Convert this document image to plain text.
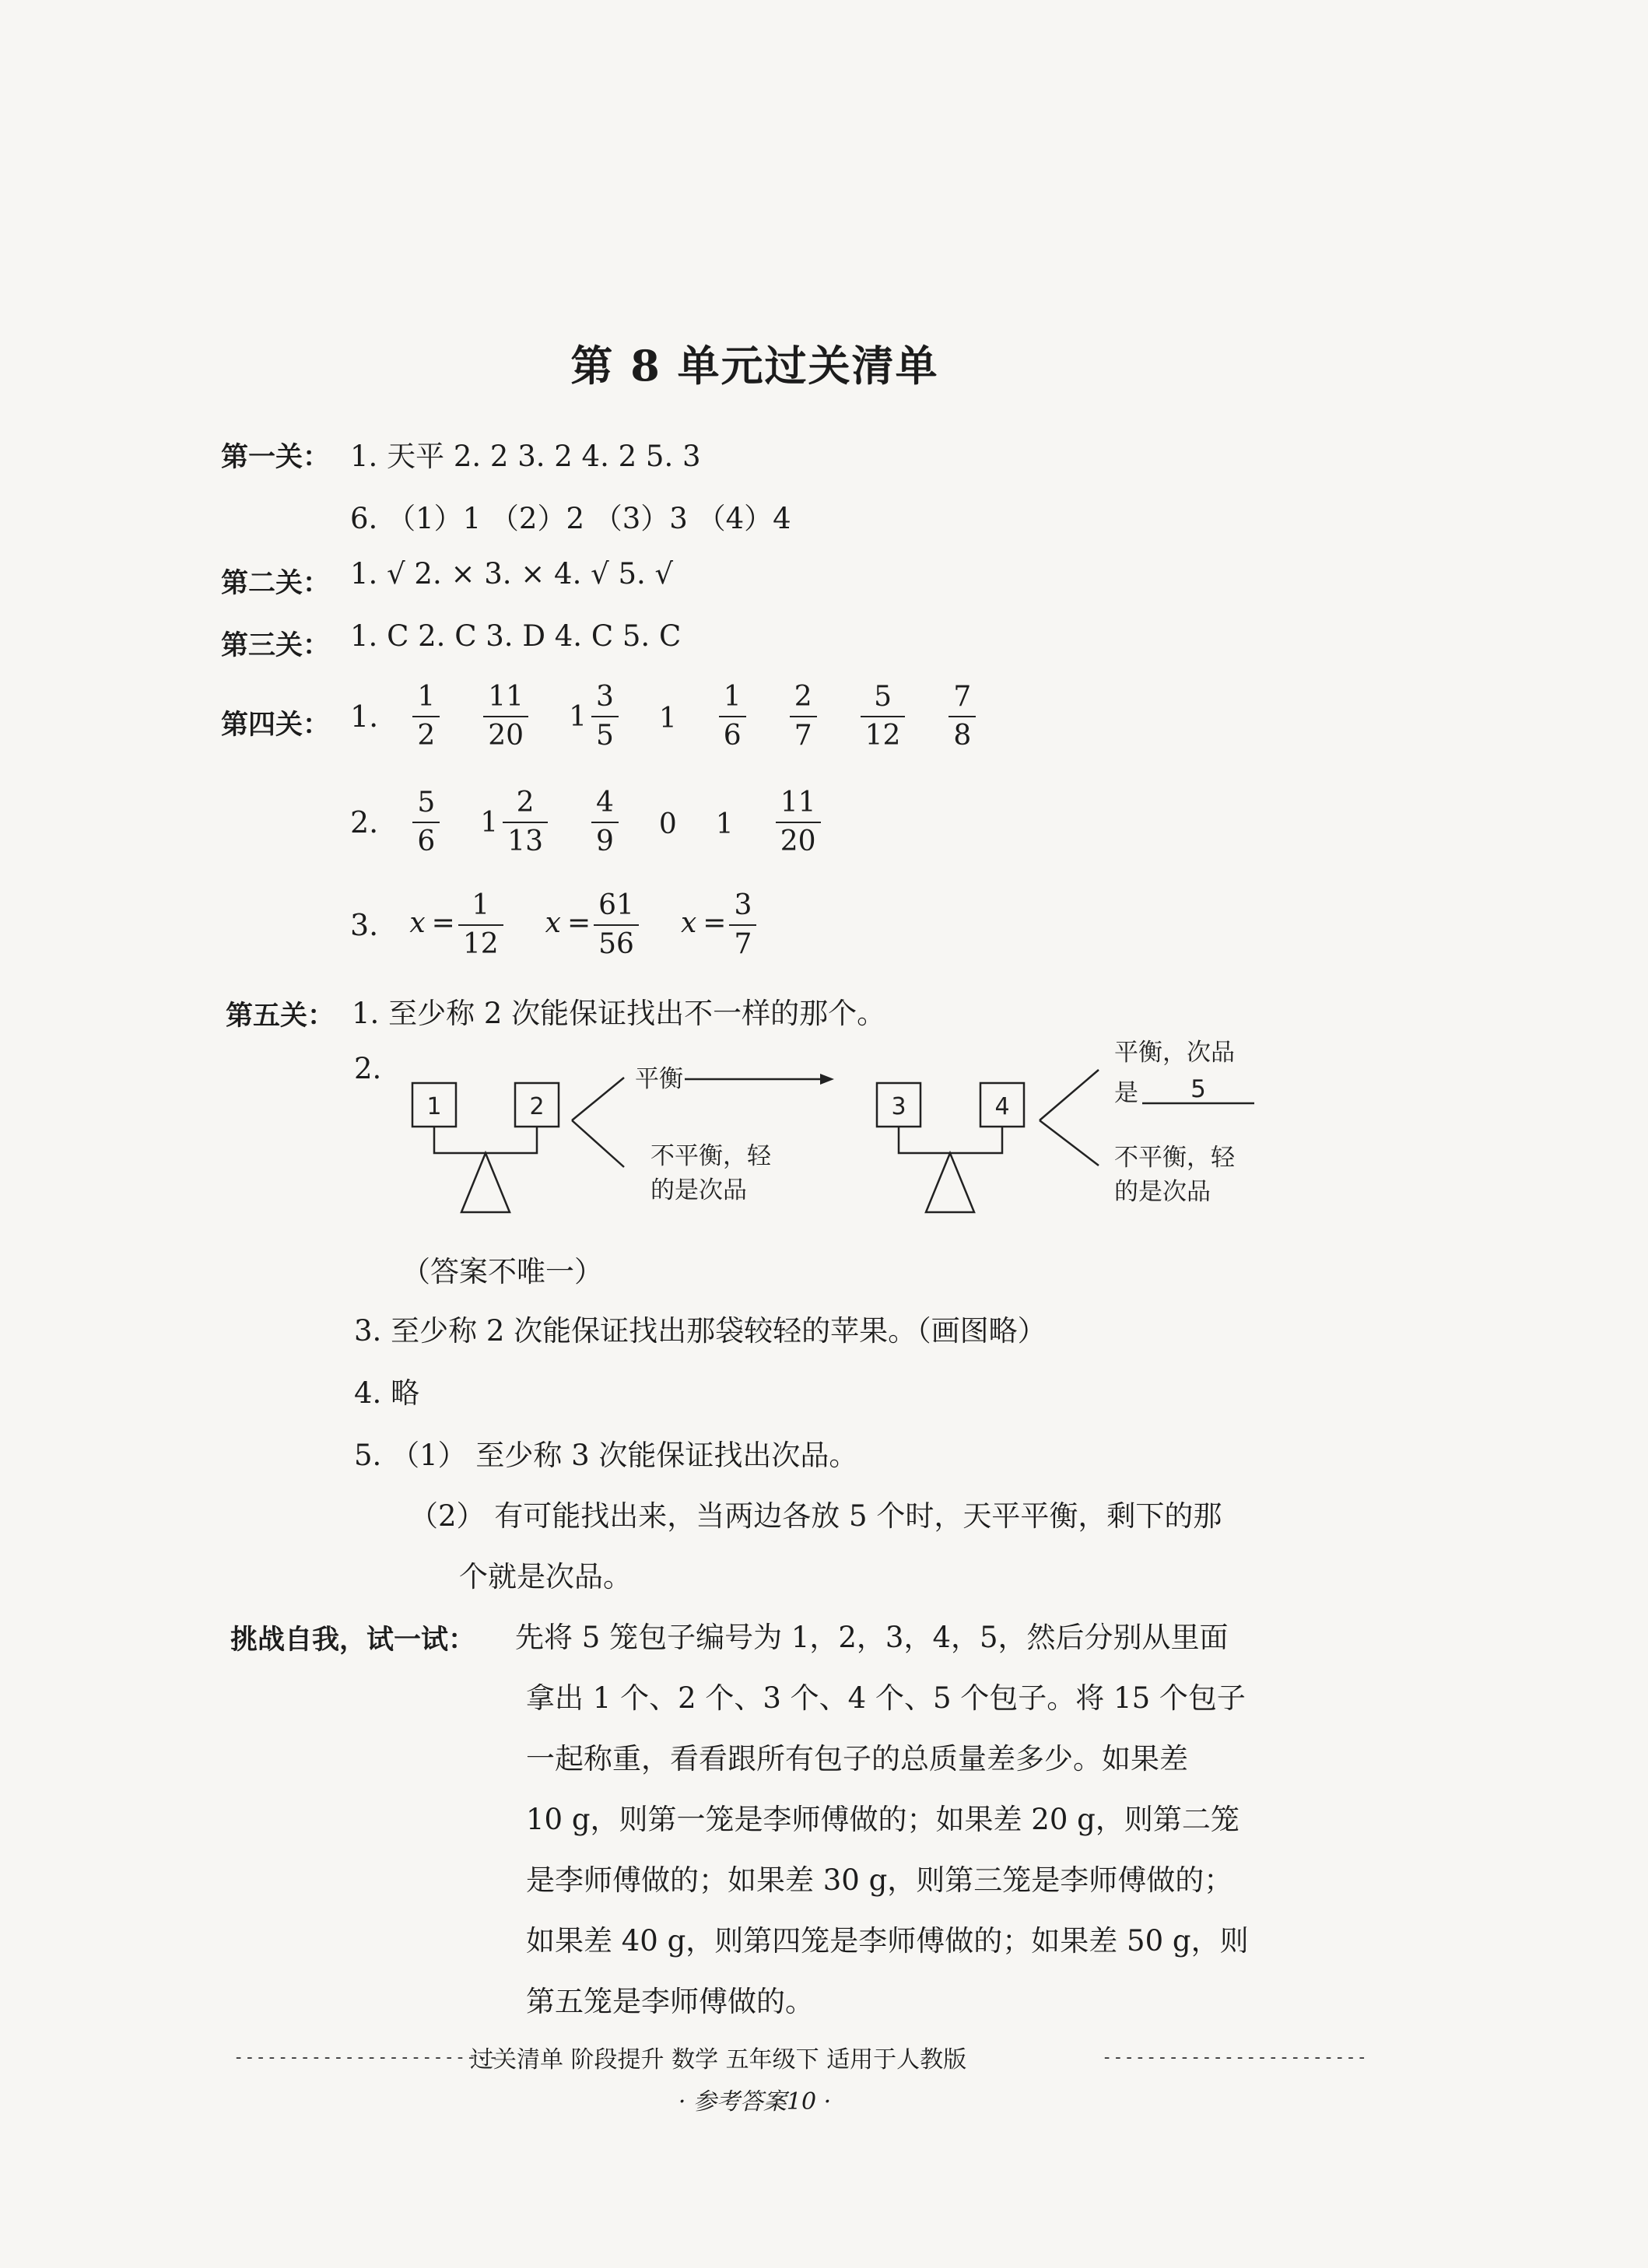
第 8 单元过关清单
第一关： 1. 天平 2. 2 3. 2 4. 2 5. 3
6. （1）1 （2）2 （3）3 （4）4
第二关： 1. √ 2. × 3. × 4. √ 5. √
第三关： 1. C 2. C 3. D 4. C 5. C
第四关： 1. $\frac{1}{2} \frac{11}{20} 1 \frac{3}{5} 1 \frac{1}{6} \frac{2}{7} \frac{5}{12} \frac{7}{8}$
2. $\frac{5}{6} 1 \frac{2}{13} \frac{4}{9} 0$ $1 \frac{11}{20}$
3. $x = \frac{1}{12}$ $x = \frac{61}{56}$ $x = \frac{3}{7}$
第五关： 1. 至少称 2 次能保证找出不一样的那个。
2.
1	2
平衡
不平衡，轻
的是次品
3	4
平衡，次品
是 5
不平衡，轻
的是次品
（答案不唯一）
3. 至少称 2 次能保证找出那袋较轻的苹果。（画图略）
4. 略
5. （1） 至少称 3 次能保证找出次品。
（2） 有可能找出来，当两边各放 5 个时，天平平衡，剩下的那
个就是次品。
挑战自我，试一试： 先将 5 笼包子编号为 1，2，3，4，5，然后分别从里面
拿出 1 个、2 个、3 个、4 个、5 个包子。将 15 个包子
一起称重，看看跟所有包子的总质量差多少。如果差
10 g，则第一笼是李师傅做的；如果差 20 g，则第二笼
是李师傅做的；如果差 30 g，则第三笼是李师傅做的；
如果差 40 g，则第四笼是李师傅做的；如果差 50 g，则
第五笼是李师傅做的。
------------------------
过关清单 阶段提升 数学 五年级下 适用于人教版	------------------------
· 参考答案10 ·
